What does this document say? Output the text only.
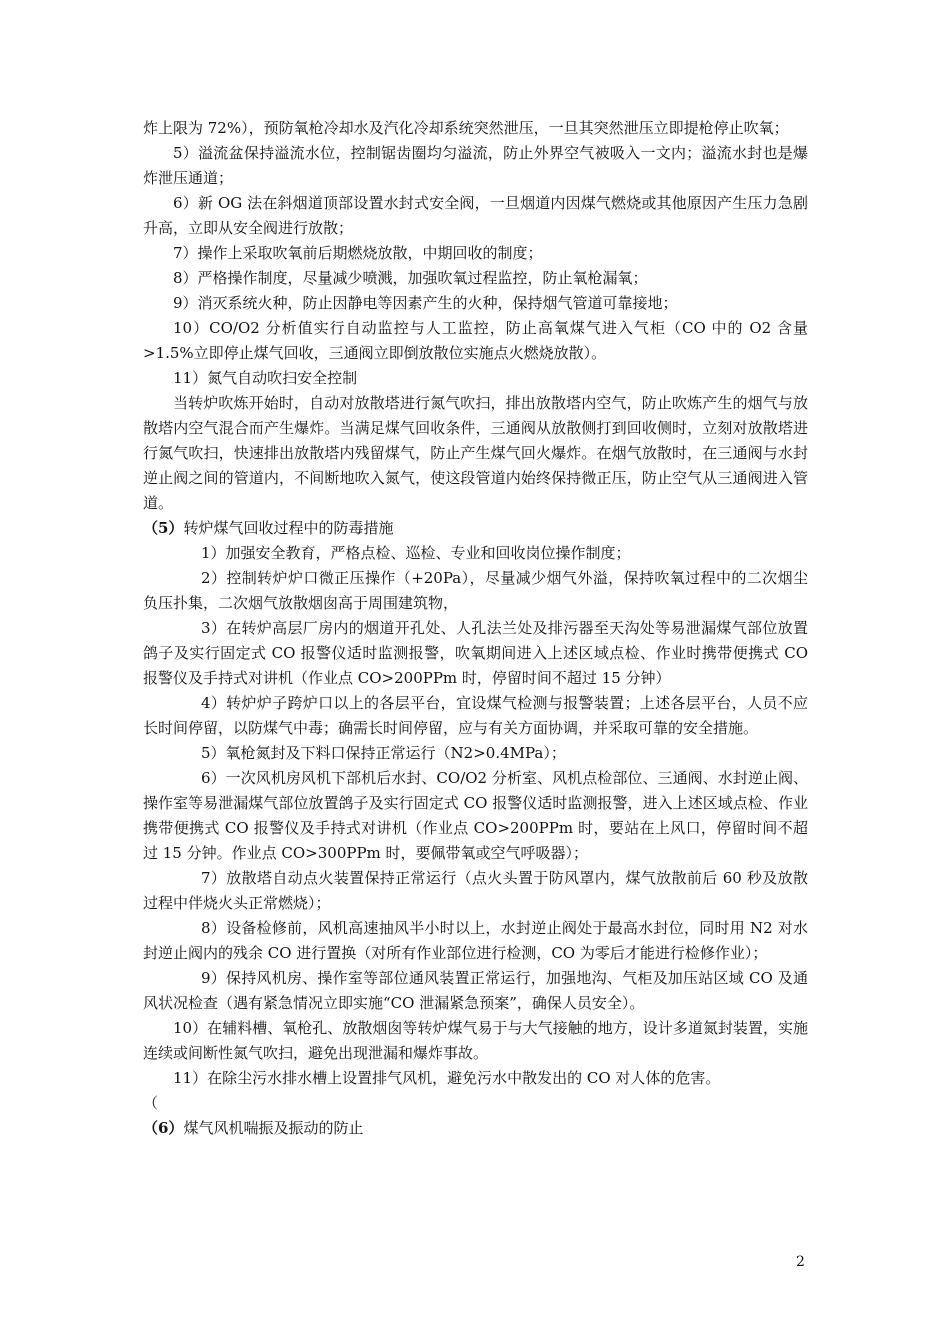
炸上限为 72%），预防氧枪冷却水及汽化冷却系统突然泄压，一旦其突然泄压立即提枪停止吹氧；

5）溢流盆保持溢流水位，控制锯齿圈均匀溢流，防止外界空气被吸入一文内；溢流水封也是爆炸泄压通道；

6）新 OG 法在斜烟道顶部设置水封式安全阀，一旦烟道内因煤气燃烧或其他原因产生压力急剧升高，立即从安全阀进行放散；

7）操作上采取吹氧前后期燃烧放散，中期回收的制度；

8）严格操作制度，尽量减少喷溅，加强吹氧过程监控，防止氧枪漏氧；

9）消灭系统火种，防止因静电等因素产生的火种，保持烟气管道可靠接地；

10）CO/O2 分析值实行自动监控与人工监控，防止高氧煤气进入气柜（CO 中的 O2 含量>1.5%立即停止煤气回收，三通阀立即倒放散位实施点火燃烧放散）。

11）氮气自动吹扫安全控制

当转炉吹炼开始时，自动对放散塔进行氮气吹扫，排出放散塔内空气，防止吹炼产生的烟气与放散塔内空气混合而产生爆炸。当满足煤气回收条件，三通阀从放散侧打到回收侧时，立刻对放散塔进行氮气吹扫，快速排出放散塔内残留煤气，防止产生煤气回火爆炸。在烟气放散时，在三通阀与水封逆止阀之间的管道内，不间断地吹入氮气，使这段管道内始终保持微正压，防止空气从三通阀进入管道。

（5）转炉煤气回收过程中的防毒措施

1）加强安全教育，严格点检、巡检、专业和回收岗位操作制度；

2）控制转炉炉口微正压操作（+20Pa），尽量减少烟气外溢，保持吹氧过程中的二次烟尘负压扑集，二次烟气放散烟囱高于周围建筑物，

3）在转炉高层厂房内的烟道开孔处、人孔法兰处及排污器至天沟处等易泄漏煤气部位放置鸽子及实行固定式 CO 报警仪适时监测报警，吹氧期间进入上述区域点检、作业时携带便携式 CO 报警仪及手持式对讲机（作业点 CO>200PPm 时，停留时间不超过 15 分钟）

4）转炉炉子跨炉口以上的各层平台，宜设煤气检测与报警装置；上述各层平台，人员不应长时间停留，以防煤气中毒；确需长时间停留，应与有关方面协调，并采取可靠的安全措施。

5）氧枪氮封及下料口保持正常运行（N2>0.4MPa）；

6）一次风机房风机下部机后水封、CO/O2 分析室、风机点检部位、三通阀、水封逆止阀、操作室等易泄漏煤气部位放置鸽子及实行固定式 CO 报警仪适时监测报警，进入上述区域点检、作业携带便携式 CO 报警仪及手持式对讲机（作业点 CO>200PPm 时，要站在上风口，停留时间不超过 15 分钟。作业点 CO>300PPm 时，要佩带氧或空气呼吸器）；

7）放散塔自动点火装置保持正常运行（点火头置于防风罩内，煤气放散前后 60 秒及放散过程中伴烧火头正常燃烧）；

8）设备检修前，风机高速抽风半小时以上，水封逆止阀处于最高水封位，同时用 N2 对水封逆止阀内的残余 CO 进行置换（对所有作业部位进行检测，CO 为零后才能进行检修作业）；

9）保持风机房、操作室等部位通风装置正常运行，加强地沟、气柜及加压站区域 CO 及通风状况检查（遇有紧急情况立即实施“CO 泄漏紧急预案”，确保人员安全）。

10）在辅料槽、氧枪孔、放散烟囱等转炉煤气易于与大气接触的地方，设计多道氮封装置，实施连续或间断性氮气吹扫，避免出现泄漏和爆炸事故。

11）在除尘污水排水槽上设置排气风机，避免污水中散发出的 CO 对人体的危害。

（

（6）煤气风机喘振及振动的防止

2
